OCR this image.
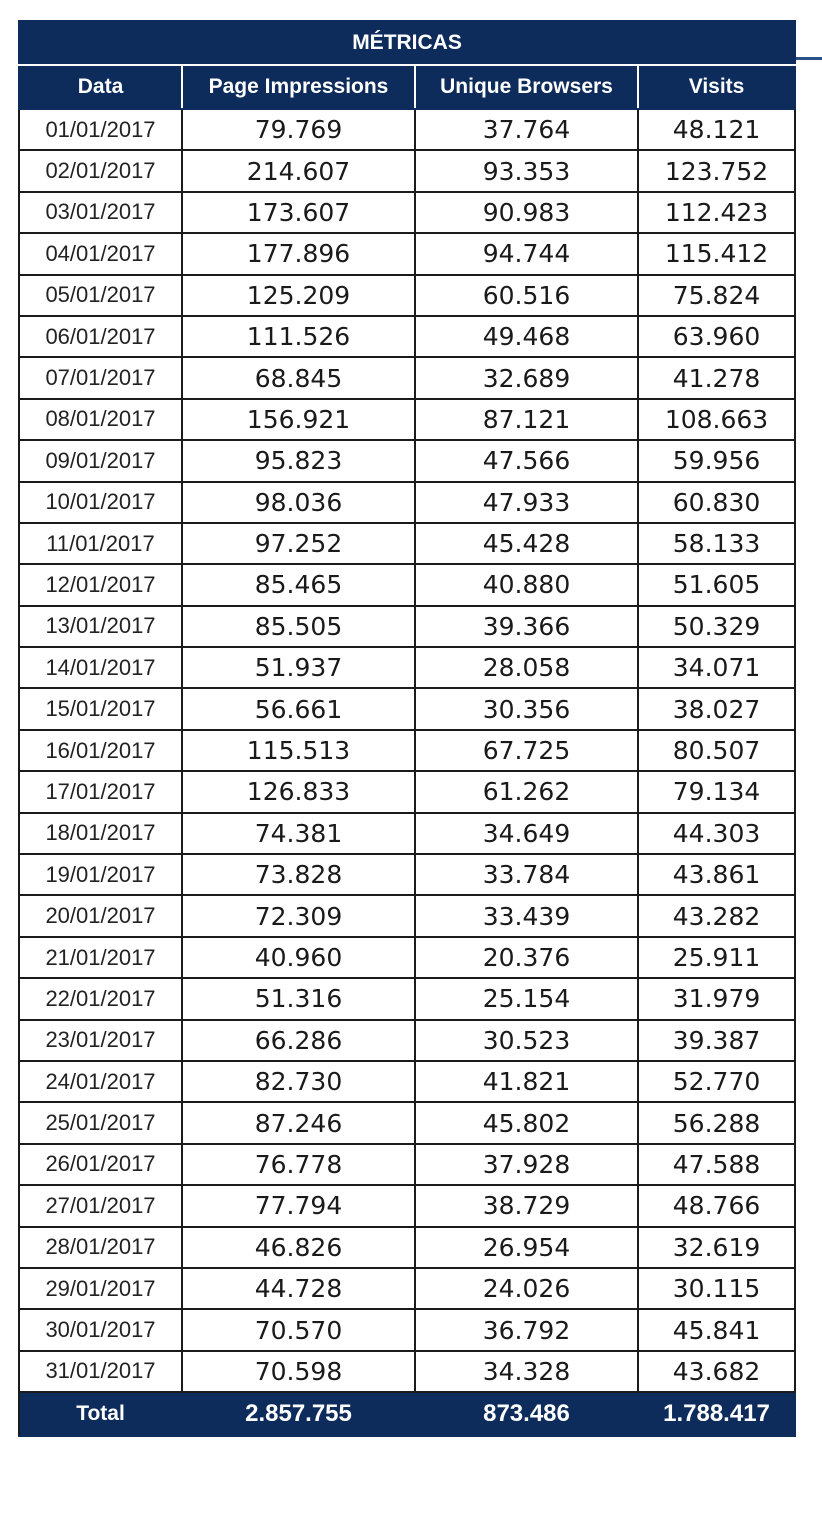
MÉTRICAS			
Data	Page Impressions	Unique Browsers	Visits
01/01/2017	79.769	37.764	48.121
02/01/2017	214.607	93.353	123.752
03/01/2017	173.607	90.983	112.423
04/01/2017	177.896	94.744	115.412
05/01/2017	125.209	60.516	75.824
06/01/2017	111.526	49.468	63.960
07/01/2017	68.845	32.689	41.278
08/01/2017	156.921	87.121	108.663
09/01/2017	95.823	47.566	59.956
10/01/2017	98.036	47.933	60.830
11/01/2017	97.252	45.428	58.133
12/01/2017	85.465	40.880	51.605
13/01/2017	85.505	39.366	50.329
14/01/2017	51.937	28.058	34.071
15/01/2017	56.661	30.356	38.027
16/01/2017	115.513	67.725	80.507
17/01/2017	126.833	61.262	79.134
18/01/2017	74.381	34.649	44.303
19/01/2017	73.828	33.784	43.861
20/01/2017	72.309	33.439	43.282
21/01/2017	40.960	20.376	25.911
22/01/2017	51.316	25.154	31.979
23/01/2017	66.286	30.523	39.387
24/01/2017	82.730	41.821	52.770
25/01/2017	87.246	45.802	56.288
26/01/2017	76.778	37.928	47.588
27/01/2017	77.794	38.729	48.766
28/01/2017	46.826	26.954	32.619
29/01/2017	44.728	24.026	30.115
30/01/2017	70.570	36.792	45.841
31/01/2017	70.598	34.328	43.682
Total	2.857.755	873.486	1.788.417
